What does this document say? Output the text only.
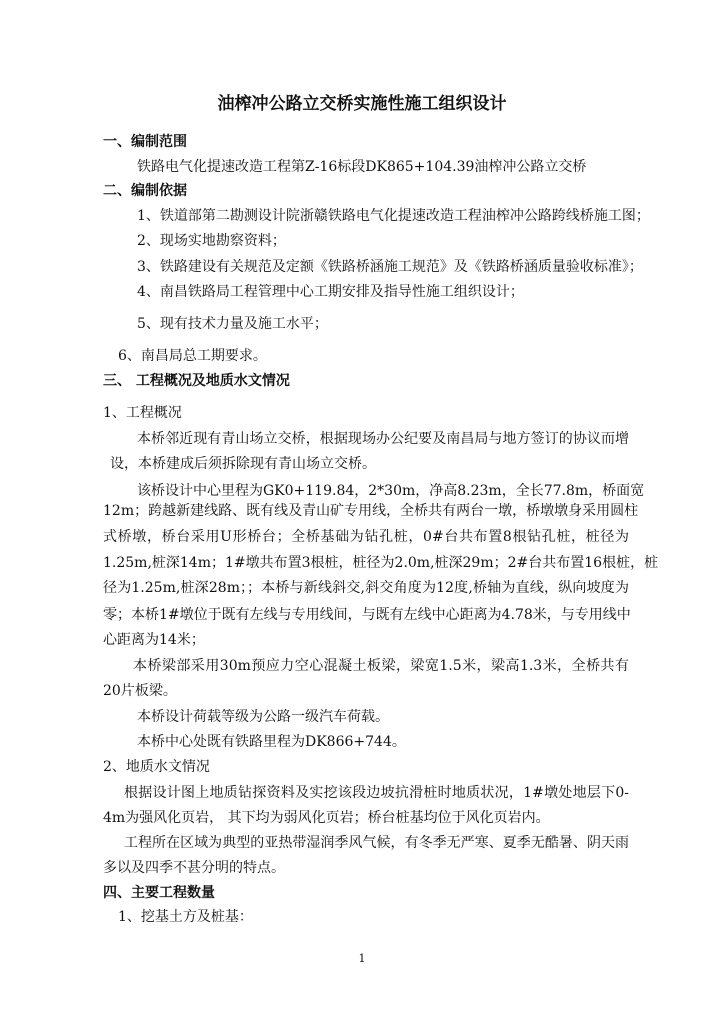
油榨冲公路立交桥实施性施工组织设计
一、编制范围
铁路电气化提速改造工程第Z-16标段DK865+104.39油榨冲公路立交桥
二、编制依据
1、铁道部第二勘测设计院浙赣铁路电气化提速改造工程油榨冲公路跨线桥施工图；
2、现场实地勘察资料；
3、铁路建设有关规范及定额《铁路桥涵施工规范》及《铁路桥涵质量验收标准》；
4、南昌铁路局工程管理中心工期安排及指导性施工组织设计；
5、现有技术力量及施工水平；
6、南昌局总工期要求。
三、 工程概况及地质水文情况
1、工程概况
本桥邻近现有青山场立交桥，根据现场办公纪要及南昌局与地方签订的协议而增
设，本桥建成后须拆除现有青山场立交桥。
该桥设计中心里程为GK0+119.84，2*30m，净高8.23m，全长77.8m，桥面宽
12m；跨越新建线路、既有线及青山矿专用线，全桥共有两台一墩，桥墩墩身采用圆柱
式桥墩，桥台采用U形桥台；全桥基础为钻孔桩，0#台共布置8根钻孔桩，桩径为
1.25m,桩深14m；1#墩共布置3根桩，桩径为2.0m,桩深29m；2#台共布置16根桩，桩
径为1.25m,桩深28m；；本桥与新线斜交,斜交角度为12度,桥轴为直线，纵向坡度为
零；本桥1#墩位于既有左线与专用线间，与既有左线中心距离为4.78米，与专用线中
心距离为14米；
本桥梁部采用30m预应力空心混凝土板梁，梁宽1.5米，梁高1.3米，全桥共有
20片板梁。
本桥设计荷载等级为公路一级汽车荷载。
本桥中心处既有铁路里程为DK866+744。
2、地质水文情况
根据设计图上地质钻探资料及实挖该段边坡抗滑桩时地质状况，1#墩处地层下0-
4m为强风化页岩， 其下均为弱风化页岩；桥台桩基均位于风化页岩内。
工程所在区域为典型的亚热带湿润季风气候，有冬季无严寒、夏季无酷暑、阴天雨
多以及四季不甚分明的特点。
四、主要工程数量
1、挖基土方及桩基：
1
